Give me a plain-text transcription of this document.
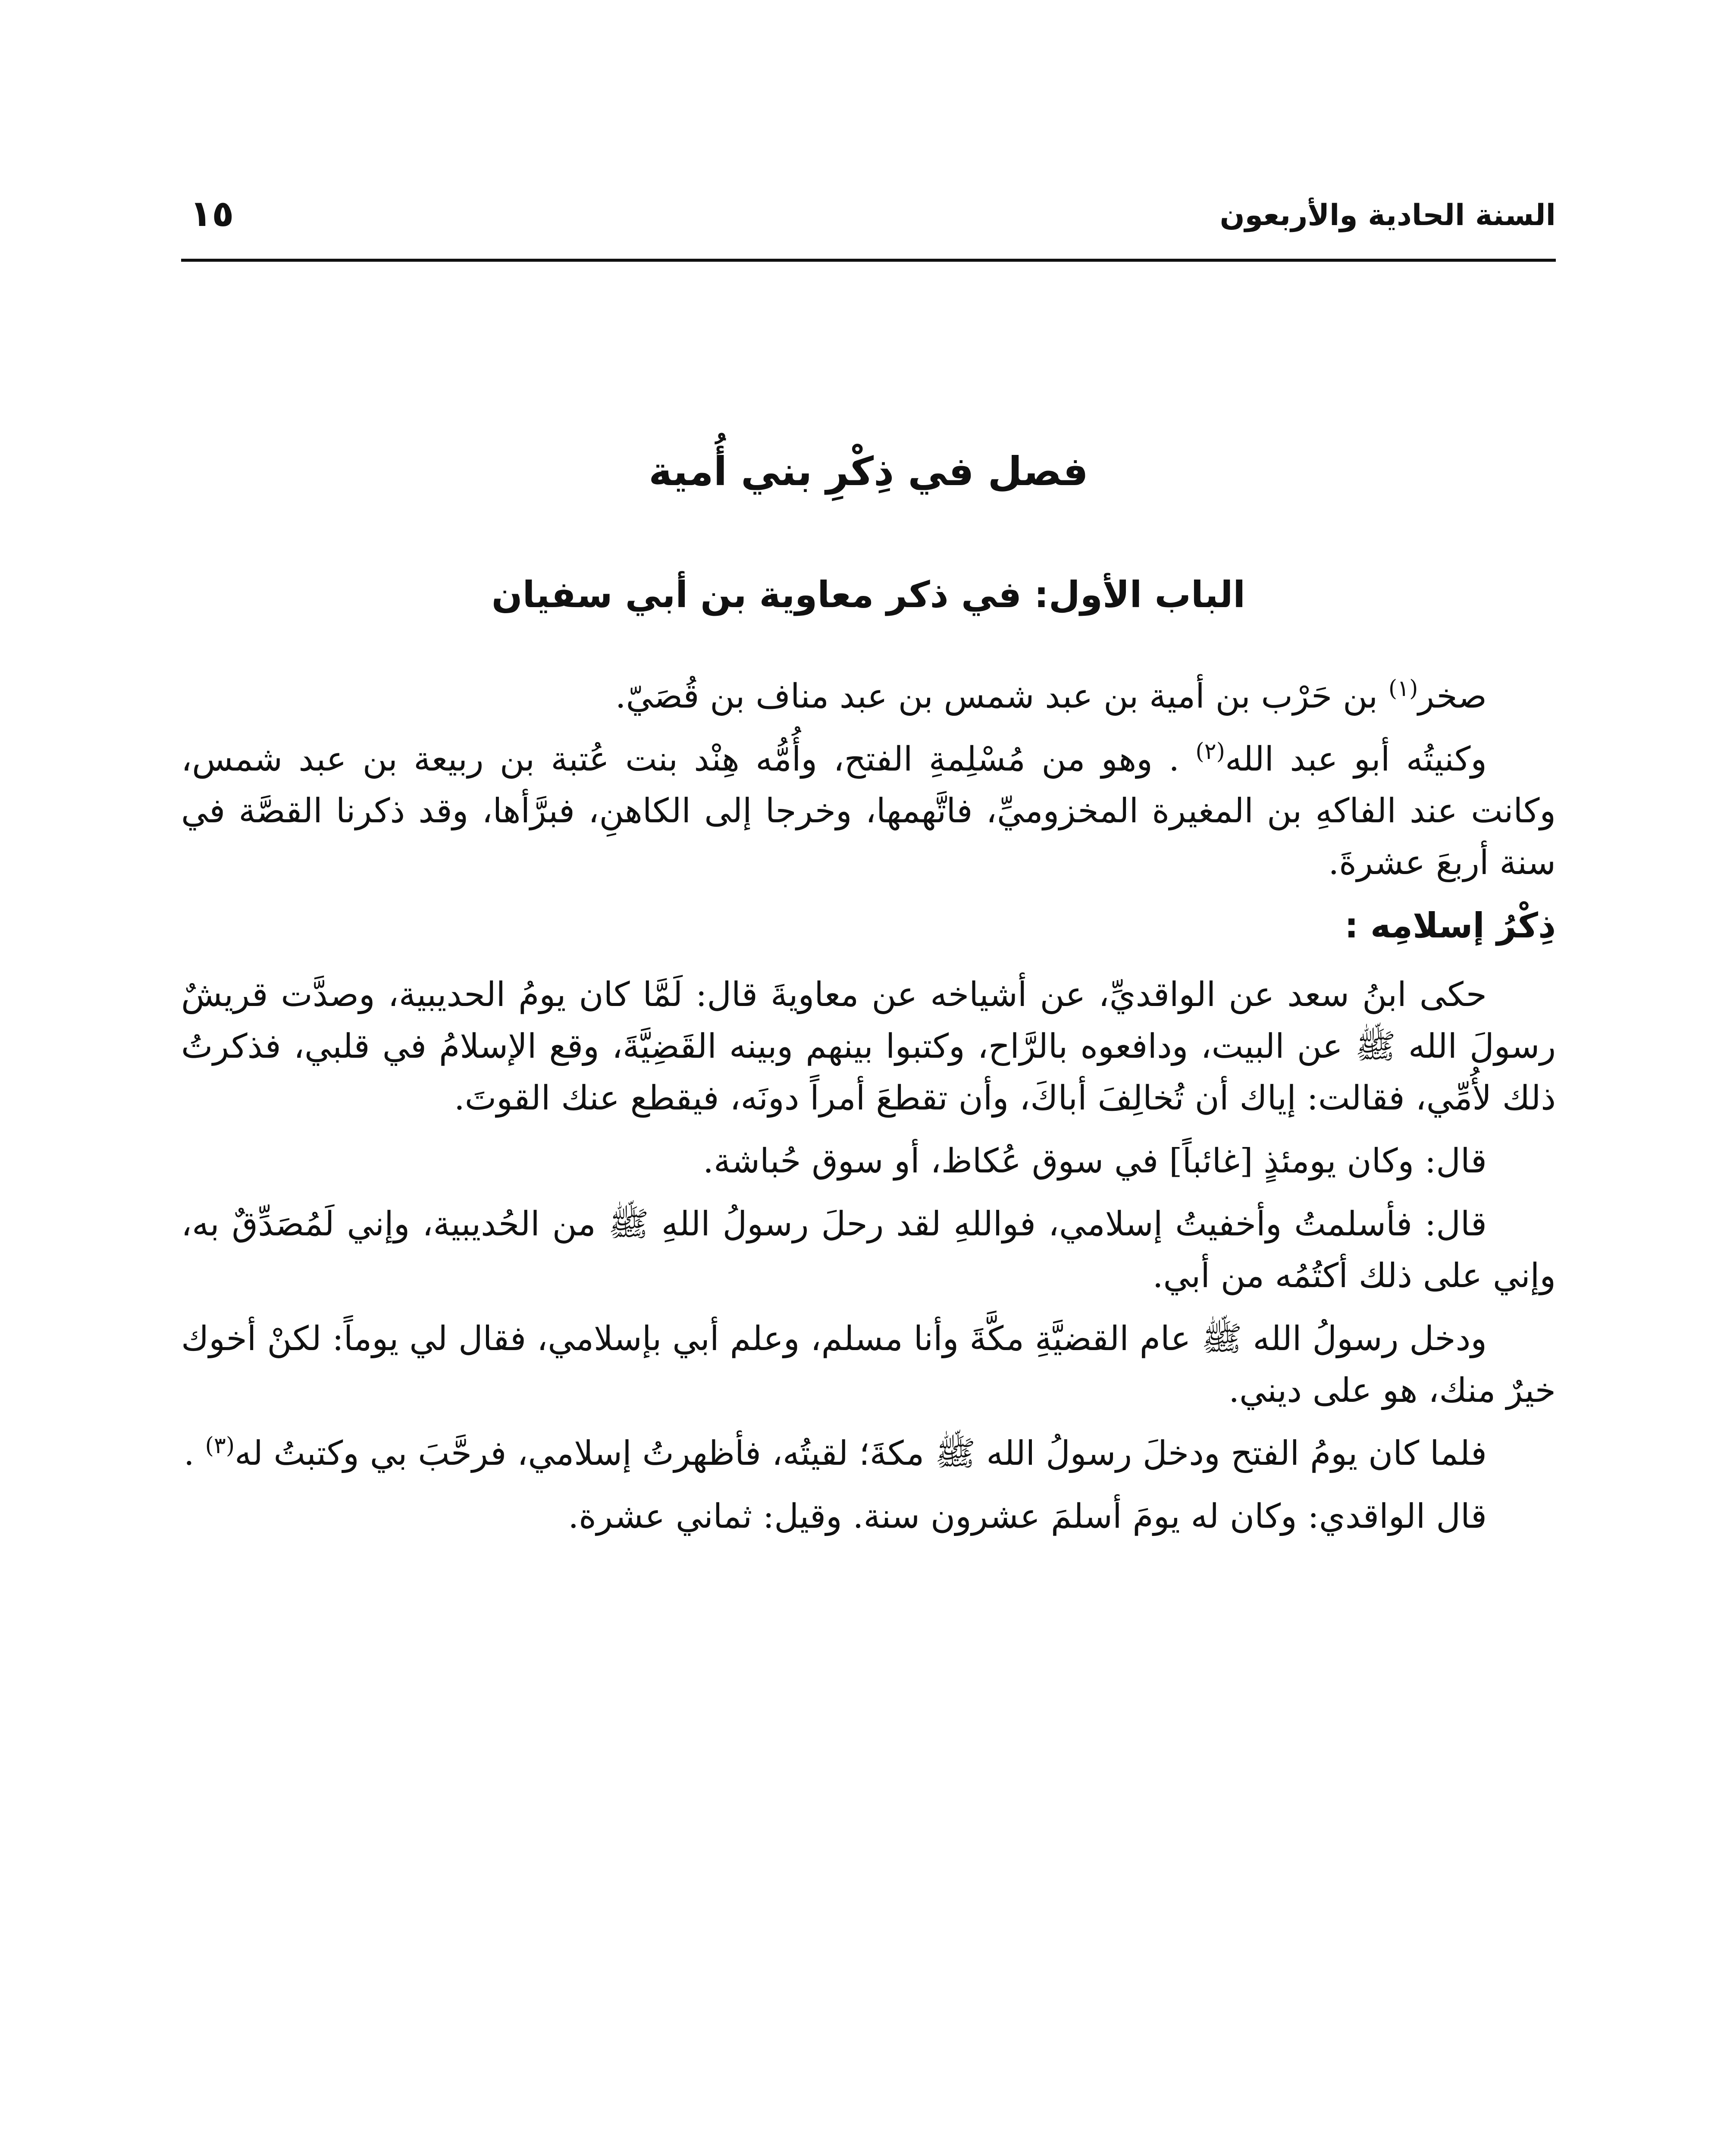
السنة الحادية والأربعون
١٥
فصل في ذِكْرِ بني أُمية
الباب الأول: في ذكر معاوية بن أبي سفيان

صخر$^{(١)}$ بن حَرْب بن أمية بن عبد شمس بن عبد مناف بن قُصَيّ.

وكنيتُه أبو عبد الله$^{(٢)}$ . وهو من مُسْلِمةِ الفتح، وأُمُّه هِنْد بنت عُتبة بن ربيعة بن عبد شمس، وكانت عند الفاكهِ بن المغيرة المخزوميِّ، فاتَّهمها، وخرجا إلى الكاهنِ، فبرَّأها، وقد ذكرنا القصَّة في سنة أربعَ عشرةَ.

ذِكْرُ إسلامِه :

حكى ابنُ سعد عن الواقديِّ، عن أشياخه عن معاويةَ قال: لَمَّا كان يومُ الحديبية، وصدَّت قريشٌ رسولَ الله ﷺ عن البيت، ودافعوه بالرَّاح، وكتبوا بينهم وبينه القَضِيَّةَ، وقع الإسلامُ في قلبي، فذكرتُ ذلك لأُمِّي، فقالت: إياك أن تُخالِفَ أباكَ، وأن تقطعَ أمراً دونَه، فيقطع عنك القوتَ.

قال: وكان يومئذٍ [غائباً] في سوق عُكاظ، أو سوق حُباشة.

قال: فأسلمتُ وأخفيتُ إسلامي، فواللهِ لقد رحلَ رسولُ اللهِ ﷺ من الحُديبية، وإني لَمُصَدِّقٌ به، وإني على ذلك أكتُمُه من أبي.

ودخل رسولُ الله ﷺ عام القضيَّةِ مكَّةَ وأنا مسلم، وعلم أبي بإسلامي، فقال لي يوماً: لكنْ أخوك خيرٌ منك، هو على ديني.

فلما كان يومُ الفتح ودخلَ رسولُ الله ﷺ مكةَ؛ لقيتُه، فأظهرتُ إسلامي، فرحَّبَ بي وكتبتُ له$^{(٣)}$ .

قال الواقدي: وكان له يومَ أسلمَ عشرون سنة. وقيل: ثماني عشرة.
